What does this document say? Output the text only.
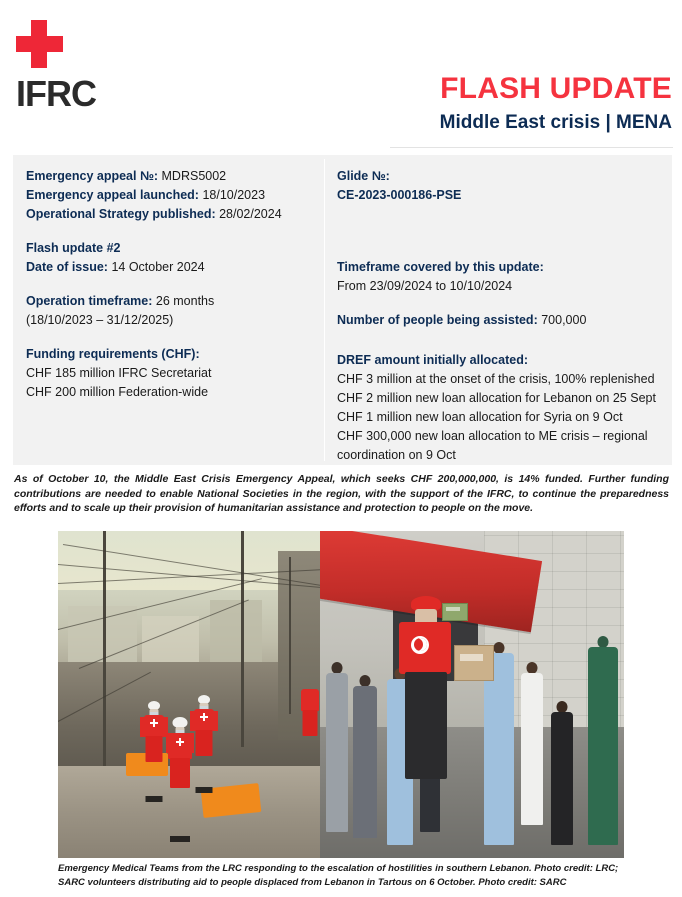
IFRC	FLASH UPDATE
Middle East crisis | MENA
Emergency appeal №: MDRS5002
Emergency appeal launched: 18/10/2023
Operational Strategy published: 28/02/2024
Flash update #2
Date of issue: 14 October 2024
Operation timeframe: 26 months
(18/10/2023 – 31/12/2025)
Funding requirements (CHF):
CHF 185 million IFRC Secretariat
CHF 200 million Federation-wide
Glide №:
CE-2023-000186-PSE
Timeframe covered by this update:
From 23/09/2024 to 10/10/2024
Number of people being assisted: 700,000
DREF amount initially allocated:
CHF 3 million at the onset of the crisis, 100% replenished
CHF 2 million new loan allocation for Lebanon on 25 Sept
CHF 1 million new loan allocation for Syria on 9 Oct
CHF 300,000 new loan allocation to ME crisis – regional coordination on 9 Oct
As of October 10, the Middle East Crisis Emergency Appeal, which seeks CHF 200,000,000, is 14% funded. Further funding contributions are needed to enable National Societies in the region, with the support of the IFRC, to continue the preparedness efforts and to scale up their provision of humanitarian assistance and protection to people on the move.
Emergency Medical Teams from the LRC responding to the escalation of hostilities in southern Lebanon. Photo credit: LRC; SARC volunteers distributing aid to people displaced from Lebanon in Tartous on 6 October. Photo credit: SARC
